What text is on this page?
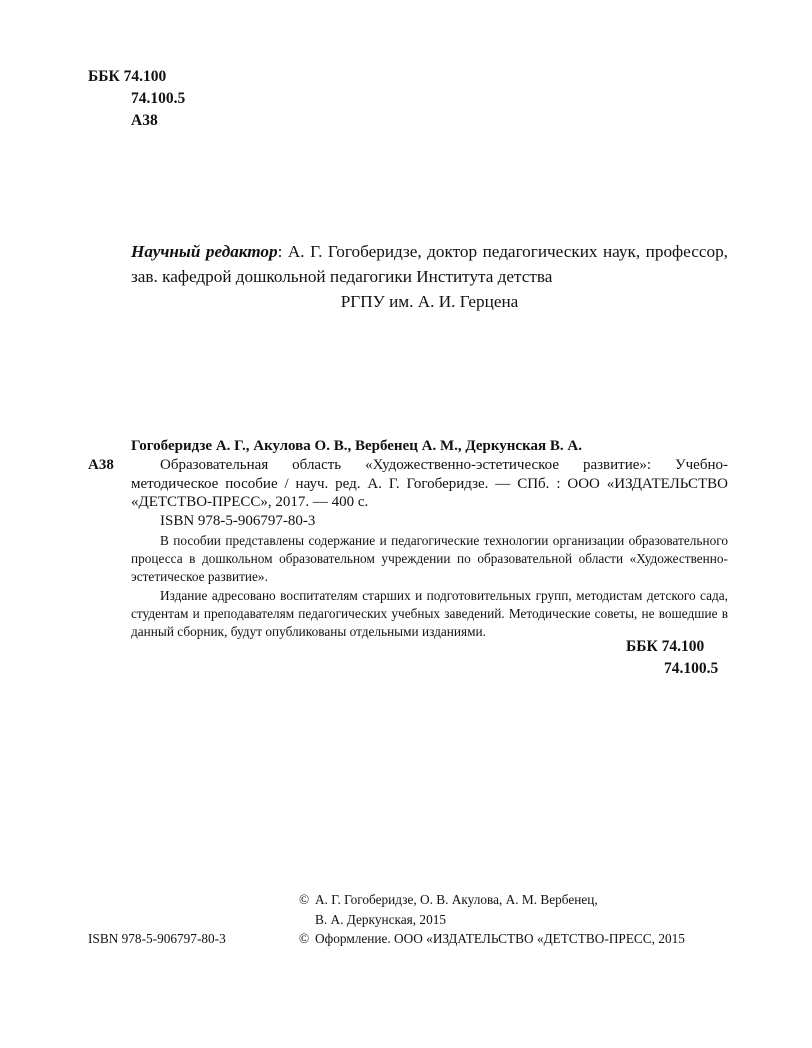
ББК 74.100
74.100.5
А38
Научный редактор: А. Г. Гогоберидзе, доктор педагогических наук, профессор, зав. кафедрой дошкольной педагогики Института детства
РГПУ им. А. И. Герцена
Гогоберидзе А. Г., Акулова О. В., Вербенец А. М., Деркунская В. А.
А38	Образовательная область «Художественно-эстетическое развитие»: Учебно-методическое пособие / науч. ред. А. Г. Гогоберидзе. — СПб. : ООО «ИЗДАТЕЛЬСТВО «ДЕТСТВО-ПРЕСС», 2017. — 400 с.

ISBN 978-5-906797-80-3

В пособии представлены содержание и педагогические технологии организации образовательного процесса в дошкольном образовательном учреждении по образовательной области «Художественно-эстетическое развитие».

Издание адресовано воспитателям старших и подготовительных групп, методистам детского сада, студентам и преподавателям педагогических учебных заведений. Методические советы, не вошедшие в данный сборник, будут опубликованы отдельными изданиями.

ББК 74.100
74.100.5
© А. Г. Гогоберидзе, О. В. Акулова, А. М. Вербенец,
В. А. Деркунская, 2015
ISBN 978-5-906797-80-3	© Оформление. ООО «ИЗДАТЕЛЬСТВО «ДЕТСТВО-ПРЕСС, 2015
